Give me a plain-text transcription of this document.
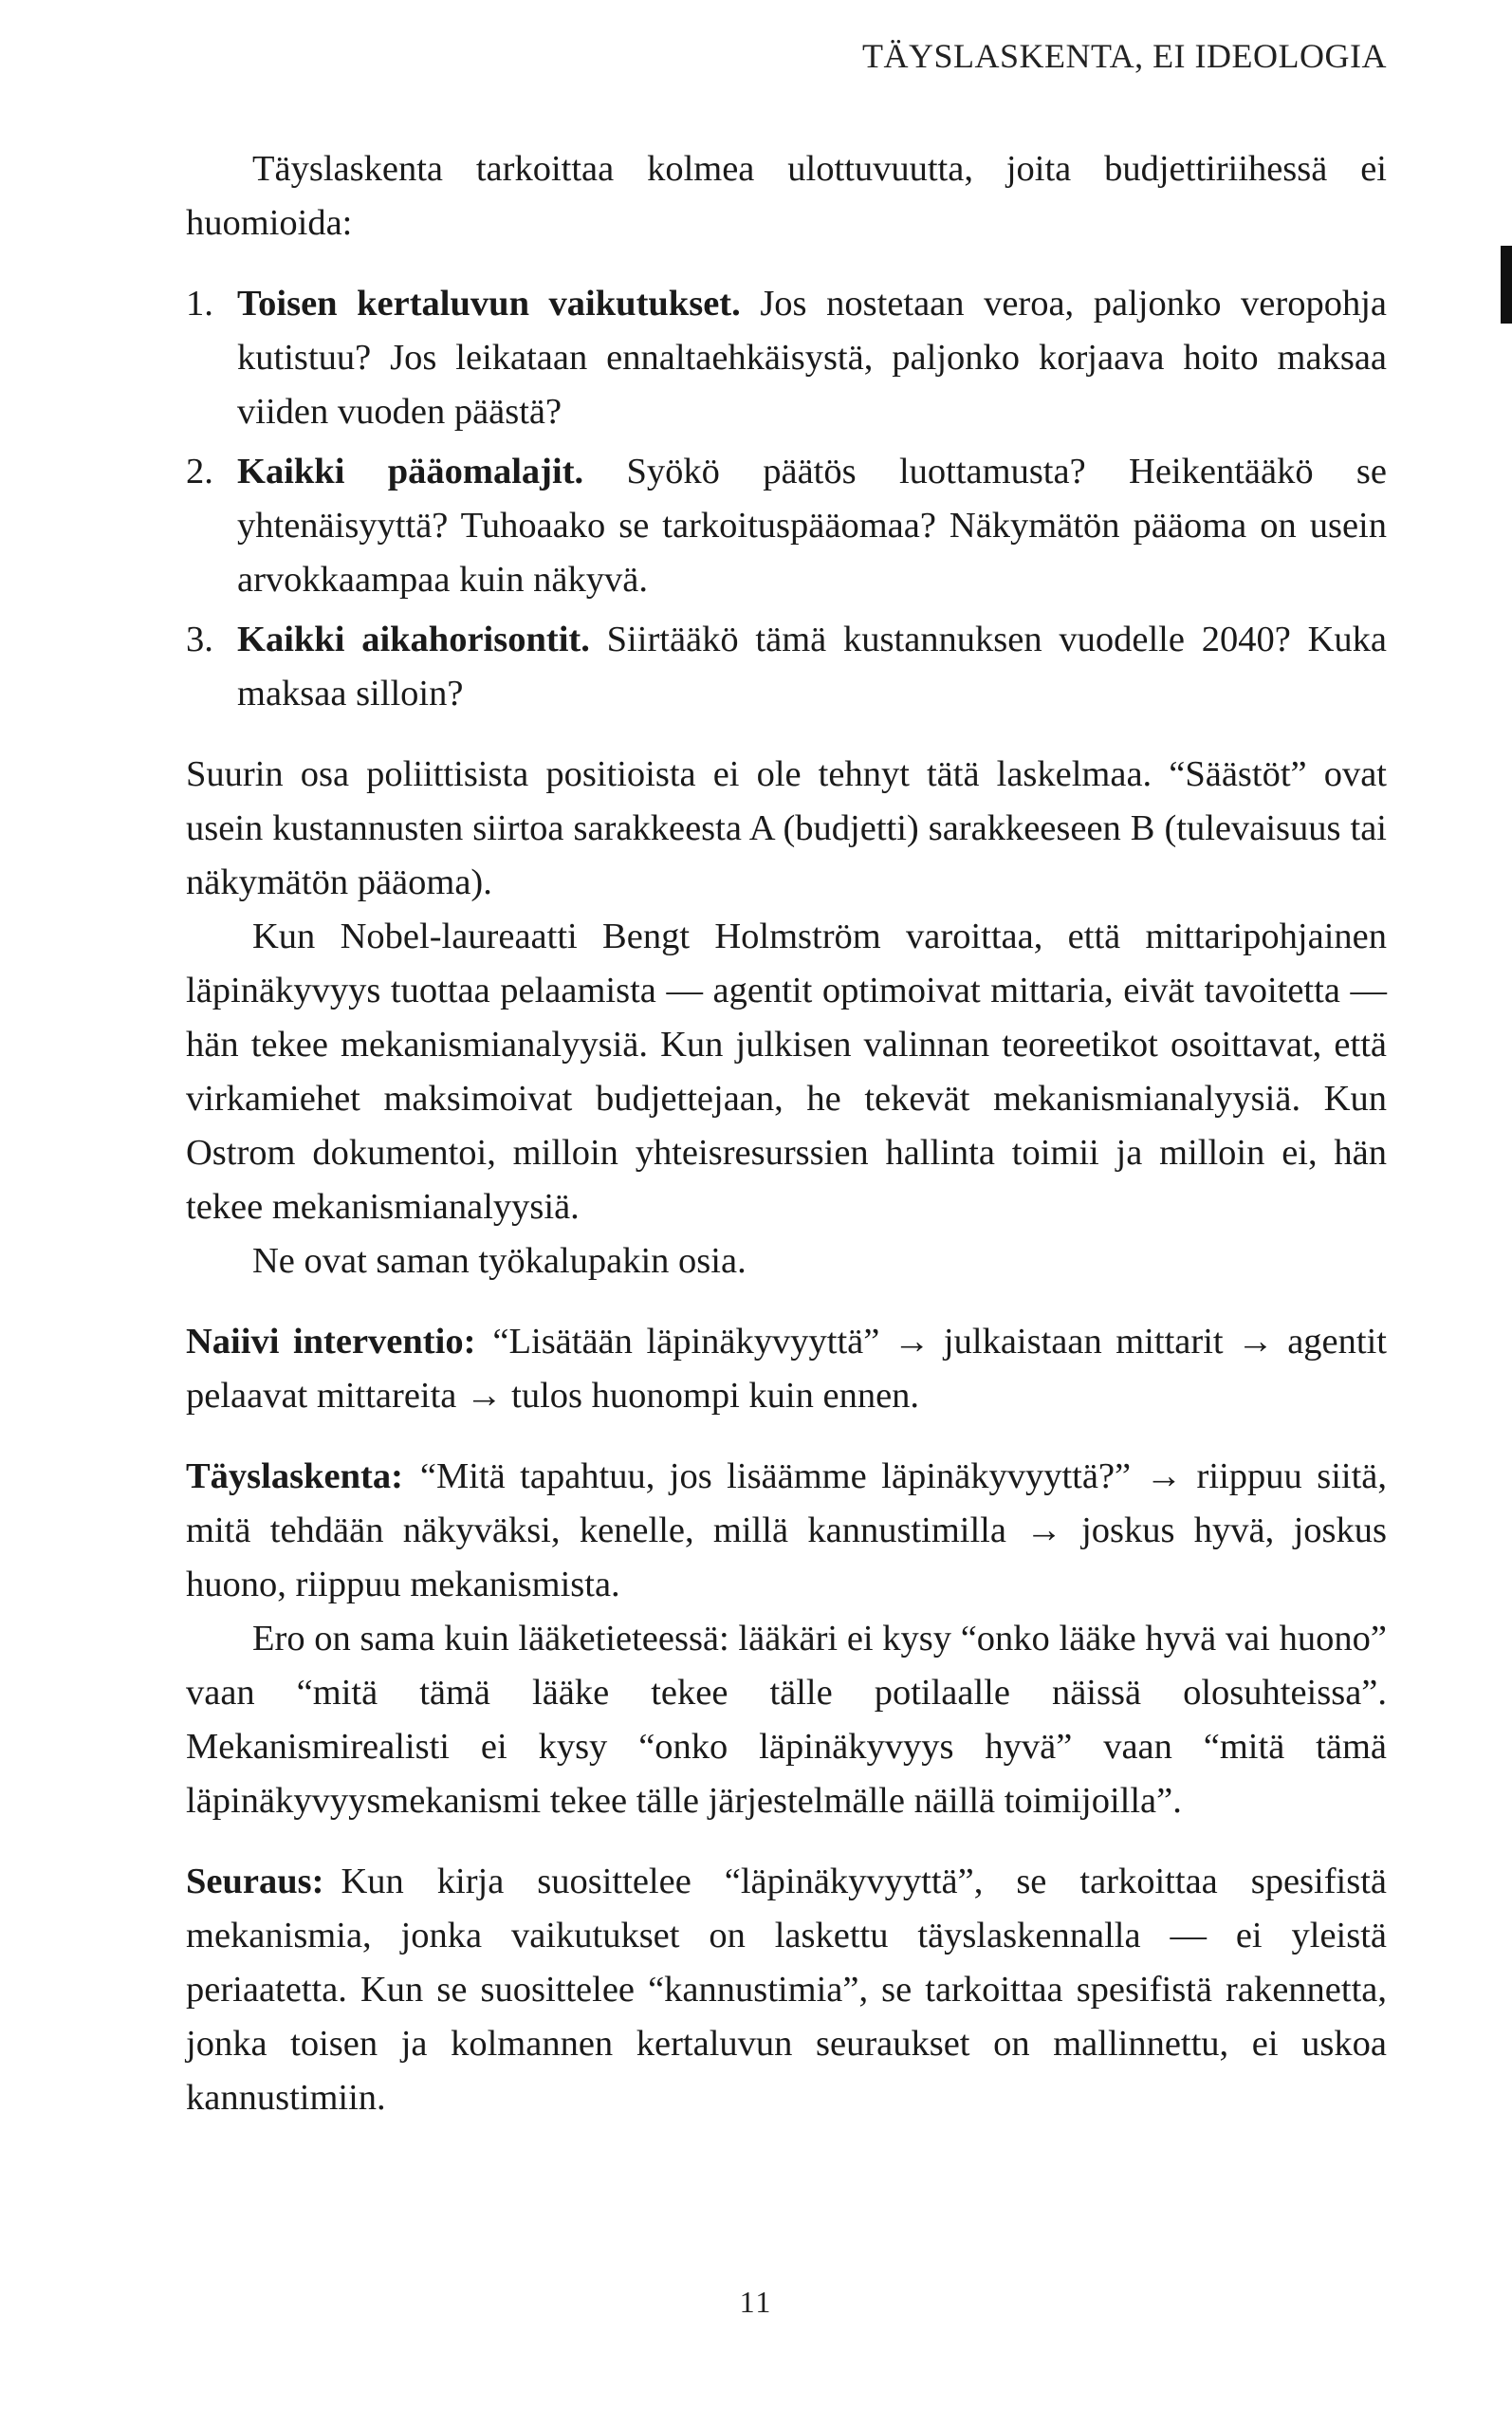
TÄYSLASKENTA, EI IDEOLOGIA

Täyslaskenta tarkoittaa kolmea ulottuvuutta, joita budjettiriihessä ei huomioida:

1. Toisen kertaluvun vaikutukset. Jos nostetaan veroa, paljonko veropohja kutistuu? Jos leikataan ennaltaehkäisystä, paljonko korjaava hoito maksaa viiden vuoden päästä?
2. Kaikki pääomalajit. Syökö päätös luottamusta? Heikentääkö se yhtenäisyyttä? Tuhoaako se tarkoituspääomaa? Näkymätön pääoma on usein arvokkaampaa kuin näkyvä.
3. Kaikki aikahorisontit. Siirtääkö tämä kustannuksen vuodelle 2040? Kuka maksaa silloin?

Suurin osa poliittisista positioista ei ole tehnyt tätä laskelmaa. “Säästöt” ovat usein kustannusten siirtoa sarakkeesta A (budjetti) sarakkeeseen B (tulevaisuus tai näkymätön pääoma).

Kun Nobel-laureaatti Bengt Holmström varoittaa, että mittaripohjainen läpinäkyvyys tuottaa pelaamista — agentit optimoivat mittaria, eivät tavoitetta — hän tekee mekanismianalyysiä. Kun julkisen valinnan teoreetikot osoittavat, että virkamiehet maksimoivat budjettejaan, he tekevät mekanismianalyysiä. Kun Ostrom dokumentoi, milloin yhteisresurssien hallinta toimii ja milloin ei, hän tekee mekanismianalyysiä.

Ne ovat saman työkalupakin osia.

Naiivi interventio: “Lisätään läpinäkyvyyttä” → julkaistaan mittarit → agentit pelaavat mittareita → tulos huonompi kuin ennen.

Täyslaskenta: “Mitä tapahtuu, jos lisäämme läpinäkyvyyttä?” → riippuu siitä, mitä tehdään näkyväksi, kenelle, millä kannustimilla → joskus hyvä, joskus huono, riippuu mekanismista.

Ero on sama kuin lääketieteessä: lääkäri ei kysy “onko lääke hyvä vai huono” vaan “mitä tämä lääke tekee tälle potilaalle näissä olosuhteissa”. Mekanismirealisti ei kysy “onko läpinäkyvyys hyvä” vaan “mitä tämä läpinäkyvyysmekanismi tekee tälle järjestelmälle näillä toimijoilla”.

Seuraus: Kun kirja suosittelee “läpinäkyvyyttä”, se tarkoittaa spesifistä mekanismia, jonka vaikutukset on laskettu täyslaskennalla — ei yleistä periaatetta. Kun se suosittelee “kannustimia”, se tarkoittaa spesifistä rakennetta, jonka toisen ja kolmannen kertaluvun seuraukset on mallinnettu, ei uskoa kannustimiin.

11
